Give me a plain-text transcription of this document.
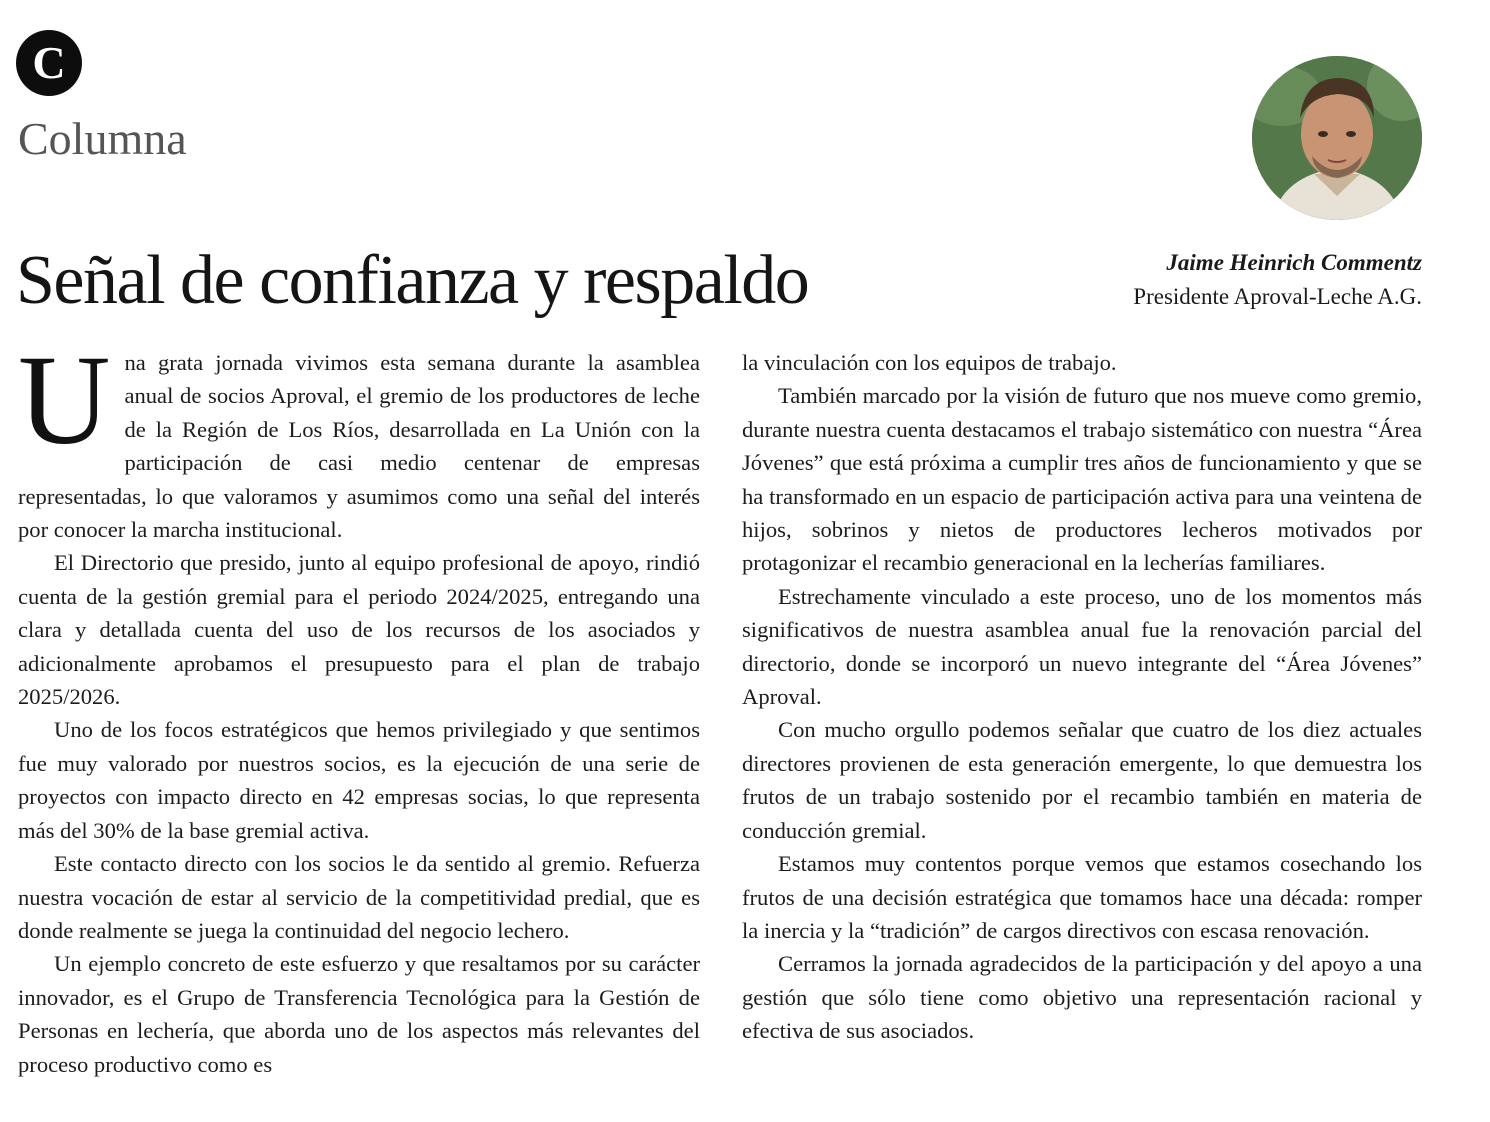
C
Columna
Señal de confianza y respaldo	Jaime Heinrich Commentz
Presidente Aproval-Leche A.G.

Una grata jornada vivimos esta semana durante la asamblea anual de socios Aproval, el gremio de los productores de leche de la Región de Los Ríos, desarrollada en La Unión con la participación de casi medio centenar de empresas representadas, lo que valoramos y asumimos como una señal del interés por conocer la marcha institucional.

El Directorio que presido, junto al equipo profesional de apoyo, rindió cuenta de la gestión gremial para el periodo 2024/2025, entregando una clara y detallada cuenta del uso de los recursos de los asociados y adicionalmente aprobamos el presupuesto para el plan de trabajo 2025/2026.

Uno de los focos estratégicos que hemos privilegiado y que sentimos fue muy valorado por nuestros socios, es la ejecución de una serie de proyectos con impacto directo en 42 empresas socias, lo que representa más del 30% de la base gremial activa.

Este contacto directo con los socios le da sentido al gremio. Refuerza nuestra vocación de estar al servicio de la competitividad predial, que es donde realmente se juega la continuidad del negocio lechero.

Un ejemplo concreto de este esfuerzo y que resaltamos por su carácter innovador, es el Grupo de Transferencia Tecnológica para la Gestión de Personas en lechería, que aborda uno de los aspectos más relevantes del proceso productivo como es

la vinculación con los equipos de trabajo.

También marcado por la visión de futuro que nos mueve como gremio, durante nuestra cuenta destacamos el trabajo sistemático con nuestra “Área Jóvenes” que está próxima a cumplir tres años de funcionamiento y que se ha transformado en un espacio de participación activa para una veintena de hijos, sobrinos y nietos de productores lecheros motivados por protagonizar el recambio generacional en la lecherías familiares.

Estrechamente vinculado a este proceso, uno de los momentos más significativos de nuestra asamblea anual fue la renovación parcial del directorio, donde se incorporó un nuevo integrante del “Área Jóvenes” Aproval.

Con mucho orgullo podemos señalar que cuatro de los diez actuales directores provienen de esta generación emergente, lo que demuestra los frutos de un trabajo sostenido por el recambio también en materia de conducción gremial.

Estamos muy contentos porque vemos que estamos cosechando los frutos de una decisión estratégica que tomamos hace una década: romper la inercia y la “tradición” de cargos directivos con escasa renovación.

Cerramos la jornada agradecidos de la participación y del apoyo a una gestión que sólo tiene como objetivo una representación racional y efectiva de sus asociados.
